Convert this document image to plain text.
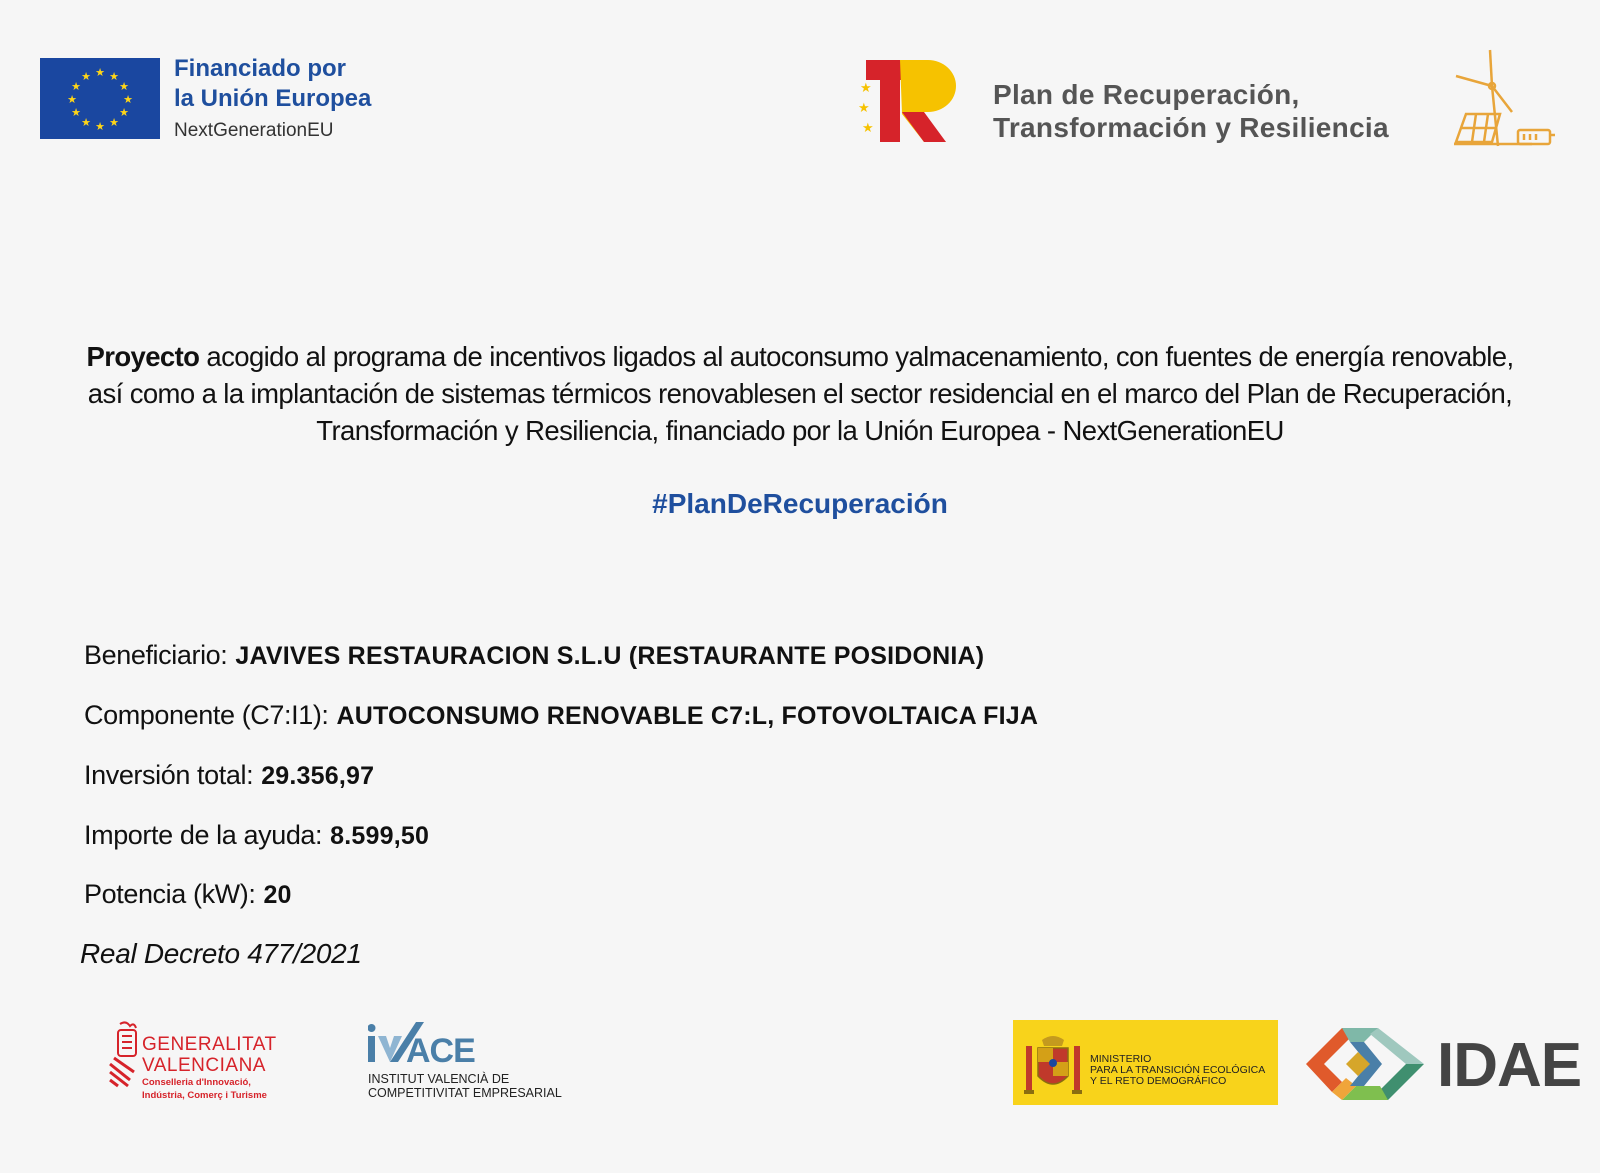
★ ★
★
★
★
★
★
★
★
★
★
★	Financiado por
la Unión Europea
NextGenerationEU
★
★
★
Plan de Recuperación,
Transformación y Resiliencia
Proyecto acogido al programa de incentivos ligados al autoconsumo yalmacenamiento, con fuentes de energía renovable, así como a la implantación de sistemas térmicos renovablesen el sector residencial en el marco del Plan de Recuperación, Transformación y Resiliencia, financiado por la Unión Europea - NextGenerationEU
#PlanDeRecuperación
Beneficiario: JAVIVES RESTAURACION S.L.U (RESTAURANTE POSIDONIA)
Componente (C7:I1): AUTOCONSUMO RENOVABLE C7:L, FOTOVOLTAICA FIJA
Inversión total: 29.356,97
Importe de la ayuda: 8.599,50
Potencia (kW): 20
Real Decreto 477/2021
GENERALITAT
VALENCIANA
Conselleria d'Innovació,
Indústria, Comerç i Turisme
ACE
INSTITUT VALENCIÀ DE
COMPETITIVITAT EMPRESARIAL
MINISTERIO
PARA LA TRANSICIÓN ECOLÓGICA
Y EL RETO DEMOGRÁFICO	IDAE
